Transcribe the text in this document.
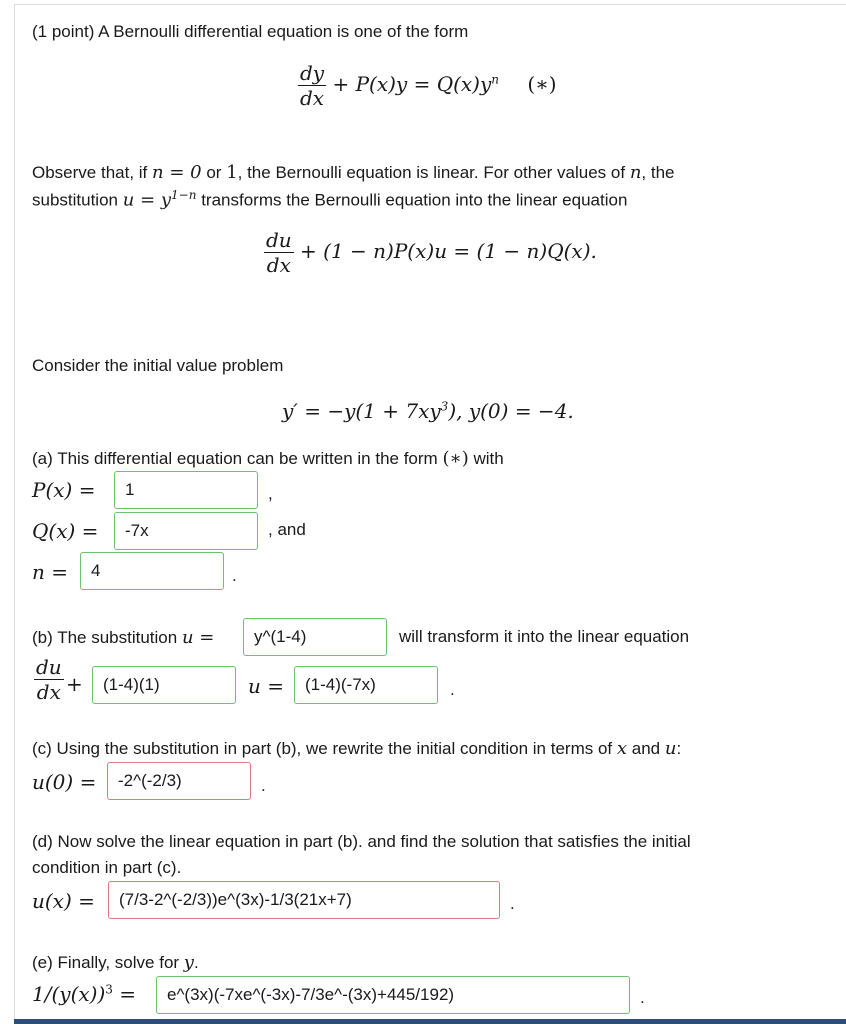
(1 point) A Bernoulli differential equation is one of the form
$\frac{dy}{dx} + P(x)y = Q(x)y^n$ (∗)
Observe that, if n = 0 or 1, the Bernoulli equation is linear. For other values of n, the
substitution $u = y^{1-n}$ transforms the Bernoulli equation into the linear equation
$\frac{du}{dx} + (1 - n)P(x)u = (1 - n)Q(x)$.
Consider the initial value problem
$y' = -y(1 + 7xy^3)$, y(0) = −4.
(a) This differential equation can be written in the form (∗) with
P(x) =	1	,
Q(x) =	-7x	, and
n =	4	.
(b) The substitution u =	y^(1-4)	will transform it into the linear equation
$\frac{du}{dx}$ +	(1-4)(1)	u =	(1-4)(-7x)	.
(c) Using the substitution in part (b), we rewrite the initial condition in terms of x and u:
u(0) =	-2^(-2/3)	.
(d) Now solve the linear equation in part (b). and find the solution that satisfies the initial
condition in part (c).
u(x) =	(7/3-2^(-2/3))e^(3x)-1/3(21x+7)	.
(e) Finally, solve for y.
$1/(y(x))^3$ =	e^(3x)(-7xe^(-3x)-7/3e^-(3x)+445/192)	.
